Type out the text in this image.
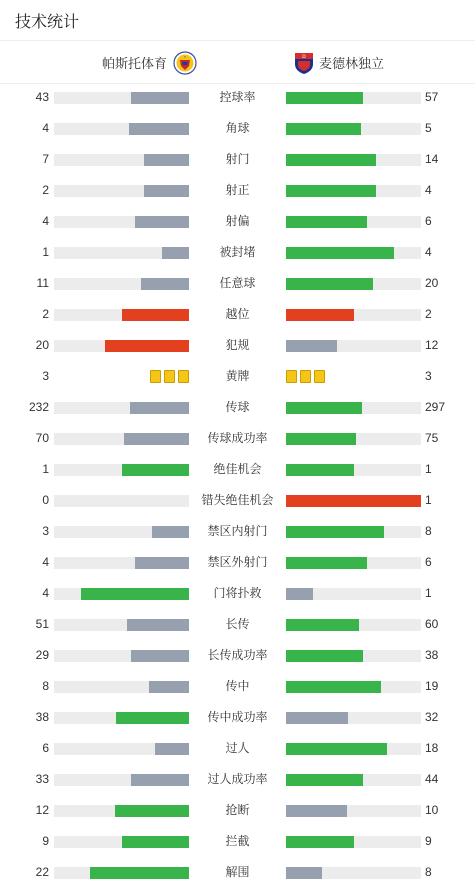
技术统计
帕斯托体育	✦	D 麦德林独立
43	控球率	57
4	角球	5
7	射门	14
2	射正	4
4	射偏	6
1	被封堵	4
11	任意球	20
2	越位	2
20	犯规	12
3	黄牌	3
232	传球	297
70	传球成功率	75
1	绝佳机会	1
0	错失绝佳机会	1
3	禁区内射门	8
4	禁区外射门	6
4	门将扑救	1
51	长传	60
29	长传成功率	38
8	传中	19
38	传中成功率	32
6	过人	18
33	过人成功率	44
12	抢断	10
9	拦截	9
22	解围	8
